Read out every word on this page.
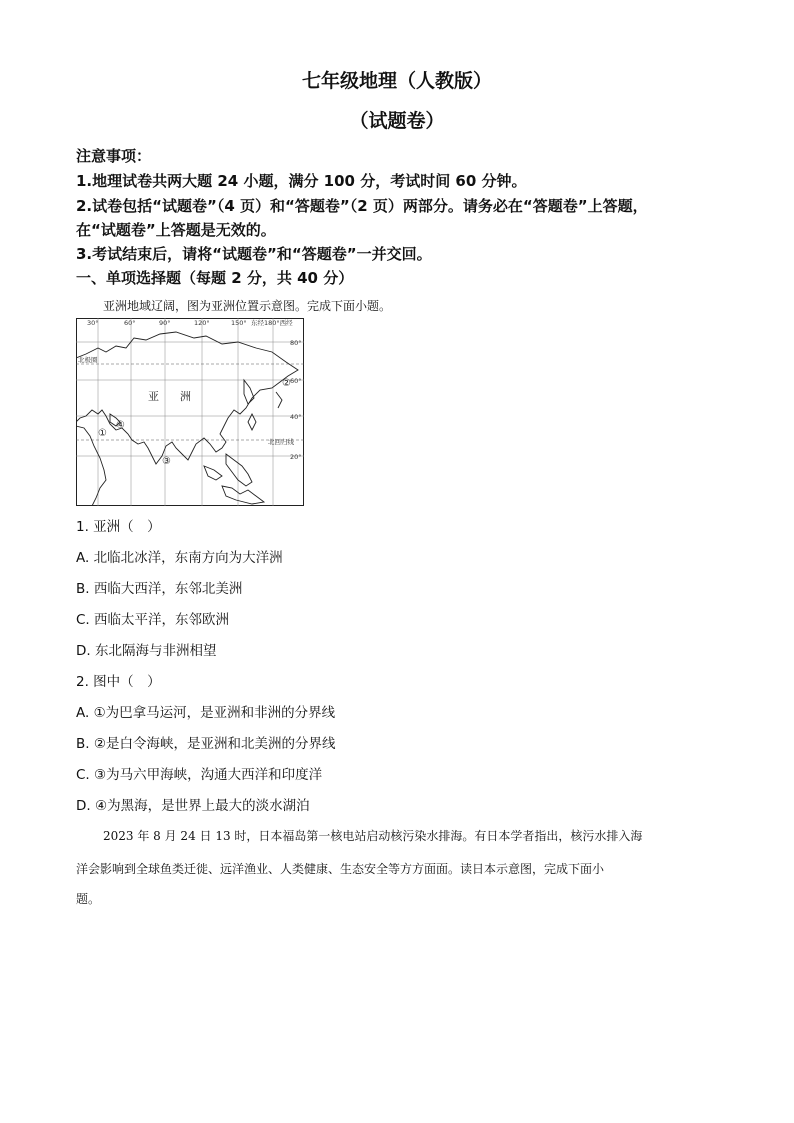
七年级地理（人教版）
（试题卷）
注意事项：
1.地理试卷共两大题 24 小题，满分 100 分，考试时间 60 分钟。
2.试卷包括“试题卷”（4 页）和“答题卷”（2 页）两部分。请务必在“答题卷”上答题，
在“试题卷”上答题是无效的。
3.考试结束后，请将“试题卷”和“答题卷”一并交回。
一、单项选择题（每题 2 分，共 40 分）
亚洲地域辽阔，图为亚洲位置示意图。完成下面小题。
30°	60°	90°	120°	150° 东经180°西经
80°
60°
40°
20°
北极圈
北回归线
亚 洲
①
②
③
④
1. 亚洲（　）
A. 北临北冰洋，东南方向为大洋洲
B. 西临大西洋，东邻北美洲
C. 西临太平洋，东邻欧洲
D. 东北隔海与非洲相望
2. 图中（　）
A. ①为巴拿马运河，是亚洲和非洲的分界线
B. ②是白令海峡，是亚洲和北美洲的分界线
C. ③为马六甲海峡，沟通大西洋和印度洋
D. ④为黑海，是世界上最大的淡水湖泊
2023 年 8 月 24 日 13 时，日本福岛第一核电站启动核污染水排海。有日本学者指出，核污水排入海
洋会影响到全球鱼类迁徙、远洋渔业、人类健康、生态安全等方方面面。读日本示意图，完成下面小
题。
